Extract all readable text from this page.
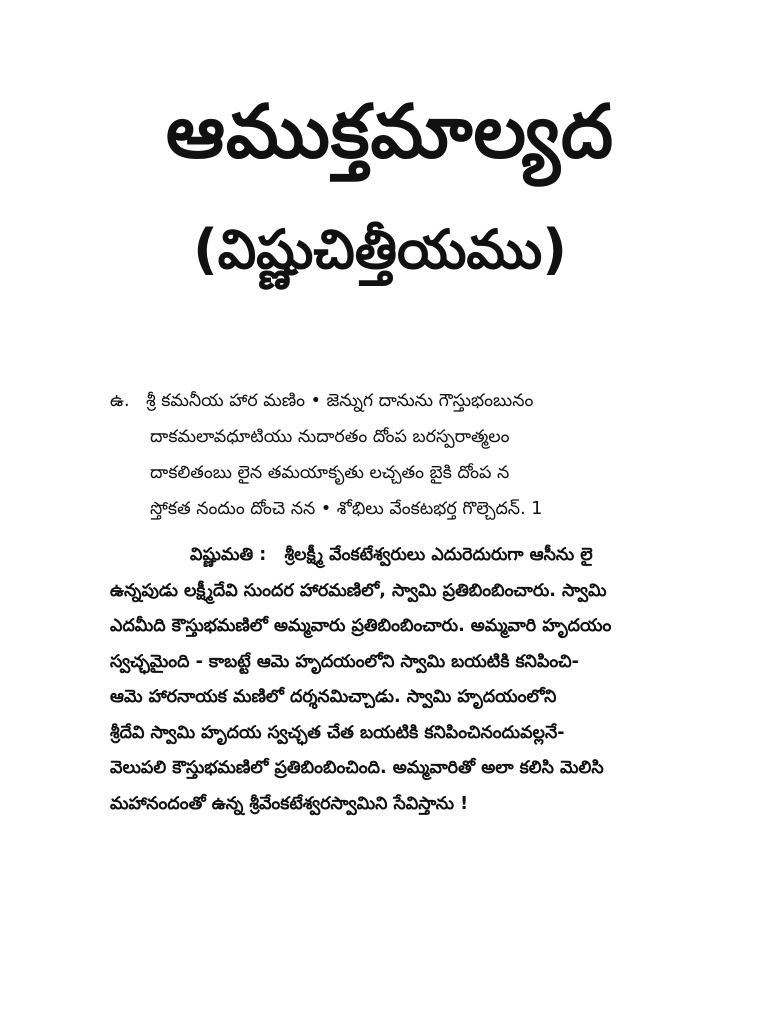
ఆముక్తమాల్యద
(విష్ణుచిత్తీయము)
ఉ. శ్రీ కమనీయ హార మణిం • జెన్నుగ దానును గౌస్తుభంబునం
దాకమలావధూటియు నుదారతం దోంప బరస్పరాత్మలం
దాకలితంబు లైన తమయాకృతు లచ్చతం బైకి దోంప న
స్తోకత నందుం దోంచె నన • శోభిలు వేంకటభర్త గొల్చెదన్. 1
విష్ణుమతి : శ్రీలక్ష్మీ వేంకటేశ్వరులు ఎదురెదురుగా ఆసీను లై
ఉన్నపుడు లక్ష్మీదేవి సుందర హారమణిలో, స్వామి ప్రతిబింబించారు. స్వామి
ఎదమీది కౌస్తుభమణిలో అమ్మవారు ప్రతిబింబించారు. అమ్మవారి హృదయం
స్వచ్ఛమైంది - కాబట్టే ఆమె హృదయంలోని స్వామి బయటికి కనిపించి-
ఆమె హారనాయక మణిలో దర్శనమిచ్చాడు. స్వామి హృదయంలోని
శ్రీదేవి స్వామి హృదయ స్వచ్ఛత చేత బయటికి కనిపించినందువల్లనే-
వెలుపలి కౌస్తుభమణిలో ప్రతిబింబించింది. అమ్మవారితో అలా కలిసి మెలిసి
మహానందంతో ఉన్న శ్రీవేంకటేశ్వరస్వామిని సేవిస్తాను !
